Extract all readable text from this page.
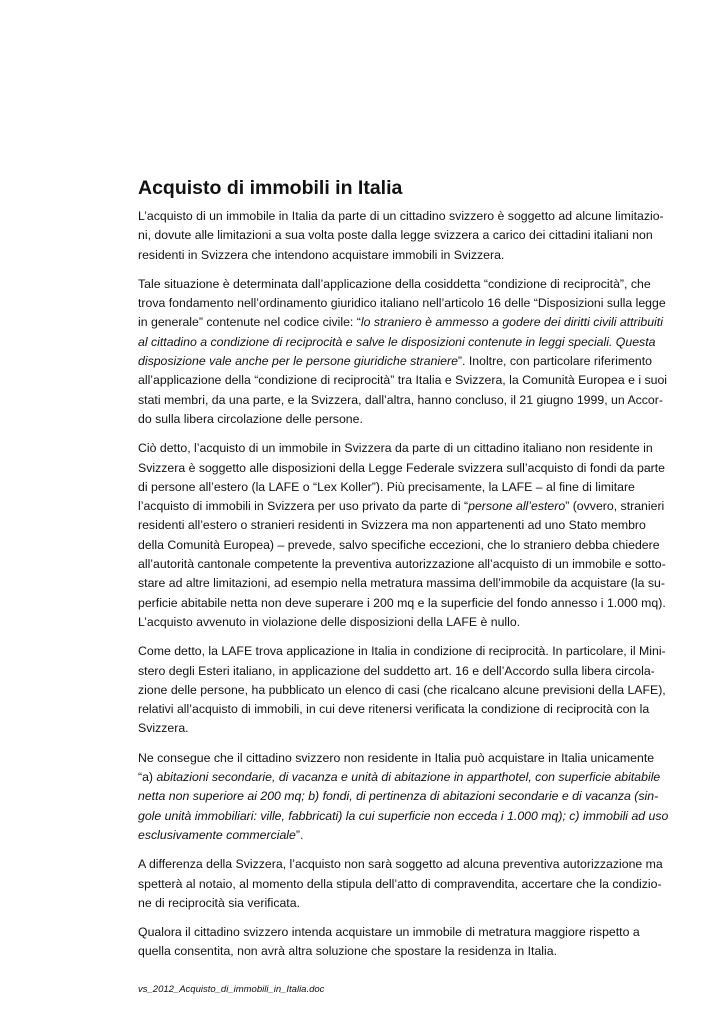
Acquisto di immobili in Italia

L’acquisto di un immobile in Italia da parte di un cittadino svizzero è soggetto ad alcune limitazio-
ni, dovute alle limitazioni a sua volta poste dalla legge svizzera a carico dei cittadini italiani non
residenti in Svizzera che intendono acquistare immobili in Svizzera.

Tale situazione è determinata dall’applicazione della cosiddetta “condizione di reciprocità”, che
trova fondamento nell’ordinamento giuridico italiano nell’articolo 16 delle “Disposizioni sulla legge
in generale” contenute nel codice civile: “lo straniero è ammesso a godere dei diritti civili attribuiti
al cittadino a condizione di reciprocità e salve le disposizioni contenute in leggi speciali. Questa
disposizione vale anche per le persone giuridiche straniere”. Inoltre, con particolare riferimento
all’applicazione della “condizione di reciprocità” tra Italia e Svizzera, la Comunità Europea e i suoi
stati membri, da una parte, e la Svizzera, dall’altra, hanno concluso, il 21 giugno 1999, un Accor-
do sulla libera circolazione delle persone.

Ciò detto, l’acquisto di un immobile in Svizzera da parte di un cittadino italiano non residente in
Svizzera è soggetto alle disposizioni della Legge Federale svizzera sull’acquisto di fondi da parte
di persone all’estero (la LAFE o “Lex Koller”). Più precisamente, la LAFE – al fine di limitare
l’acquisto di immobili in Svizzera per uso privato da parte di “persone all’estero” (ovvero, stranieri
residenti all’estero o stranieri residenti in Svizzera ma non appartenenti ad uno Stato membro
della Comunità Europea) – prevede, salvo specifiche eccezioni, che lo straniero debba chiedere
all’autorità cantonale competente la preventiva autorizzazione all’acquisto di un immobile e sotto-
stare ad altre limitazioni, ad esempio nella metratura massima dell’immobile da acquistare (la su-
perficie abitabile netta non deve superare i 200 mq e la superficie del fondo annesso i 1.000 mq).
L’acquisto avvenuto in violazione delle disposizioni della LAFE è nullo.

Come detto, la LAFE trova applicazione in Italia in condizione di reciprocità. In particolare, il Mini-
stero degli Esteri italiano, in applicazione del suddetto art. 16 e dell’Accordo sulla libera circola-
zione delle persone, ha pubblicato un elenco di casi (che ricalcano alcune previsioni della LAFE),
relativi all’acquisto di immobili, in cui deve ritenersi verificata la condizione di reciprocità con la
Svizzera.

Ne consegue che il cittadino svizzero non residente in Italia può acquistare in Italia unicamente
“a) abitazioni secondarie, di vacanza e unità di abitazione in apparthotel, con superficie abitabile
netta non superiore ai 200 mq; b) fondi, di pertinenza di abitazioni secondarie e di vacanza (sin-
gole unità immobiliari: ville, fabbricati) la cui superficie non ecceda i 1.000 mq); c) immobili ad uso
esclusivamente commerciale”.

A differenza della Svizzera, l’acquisto non sarà soggetto ad alcuna preventiva autorizzazione ma
spetterà al notaio, al momento della stipula dell’atto di compravendita, accertare che la condizio-
ne di reciprocità sia verificata.

Qualora il cittadino svizzero intenda acquistare un immobile di metratura maggiore rispetto a
quella consentita, non avrà altra soluzione che spostare la residenza in Italia.

vs_2012_Acquisto_di_immobili_in_Italia.doc
